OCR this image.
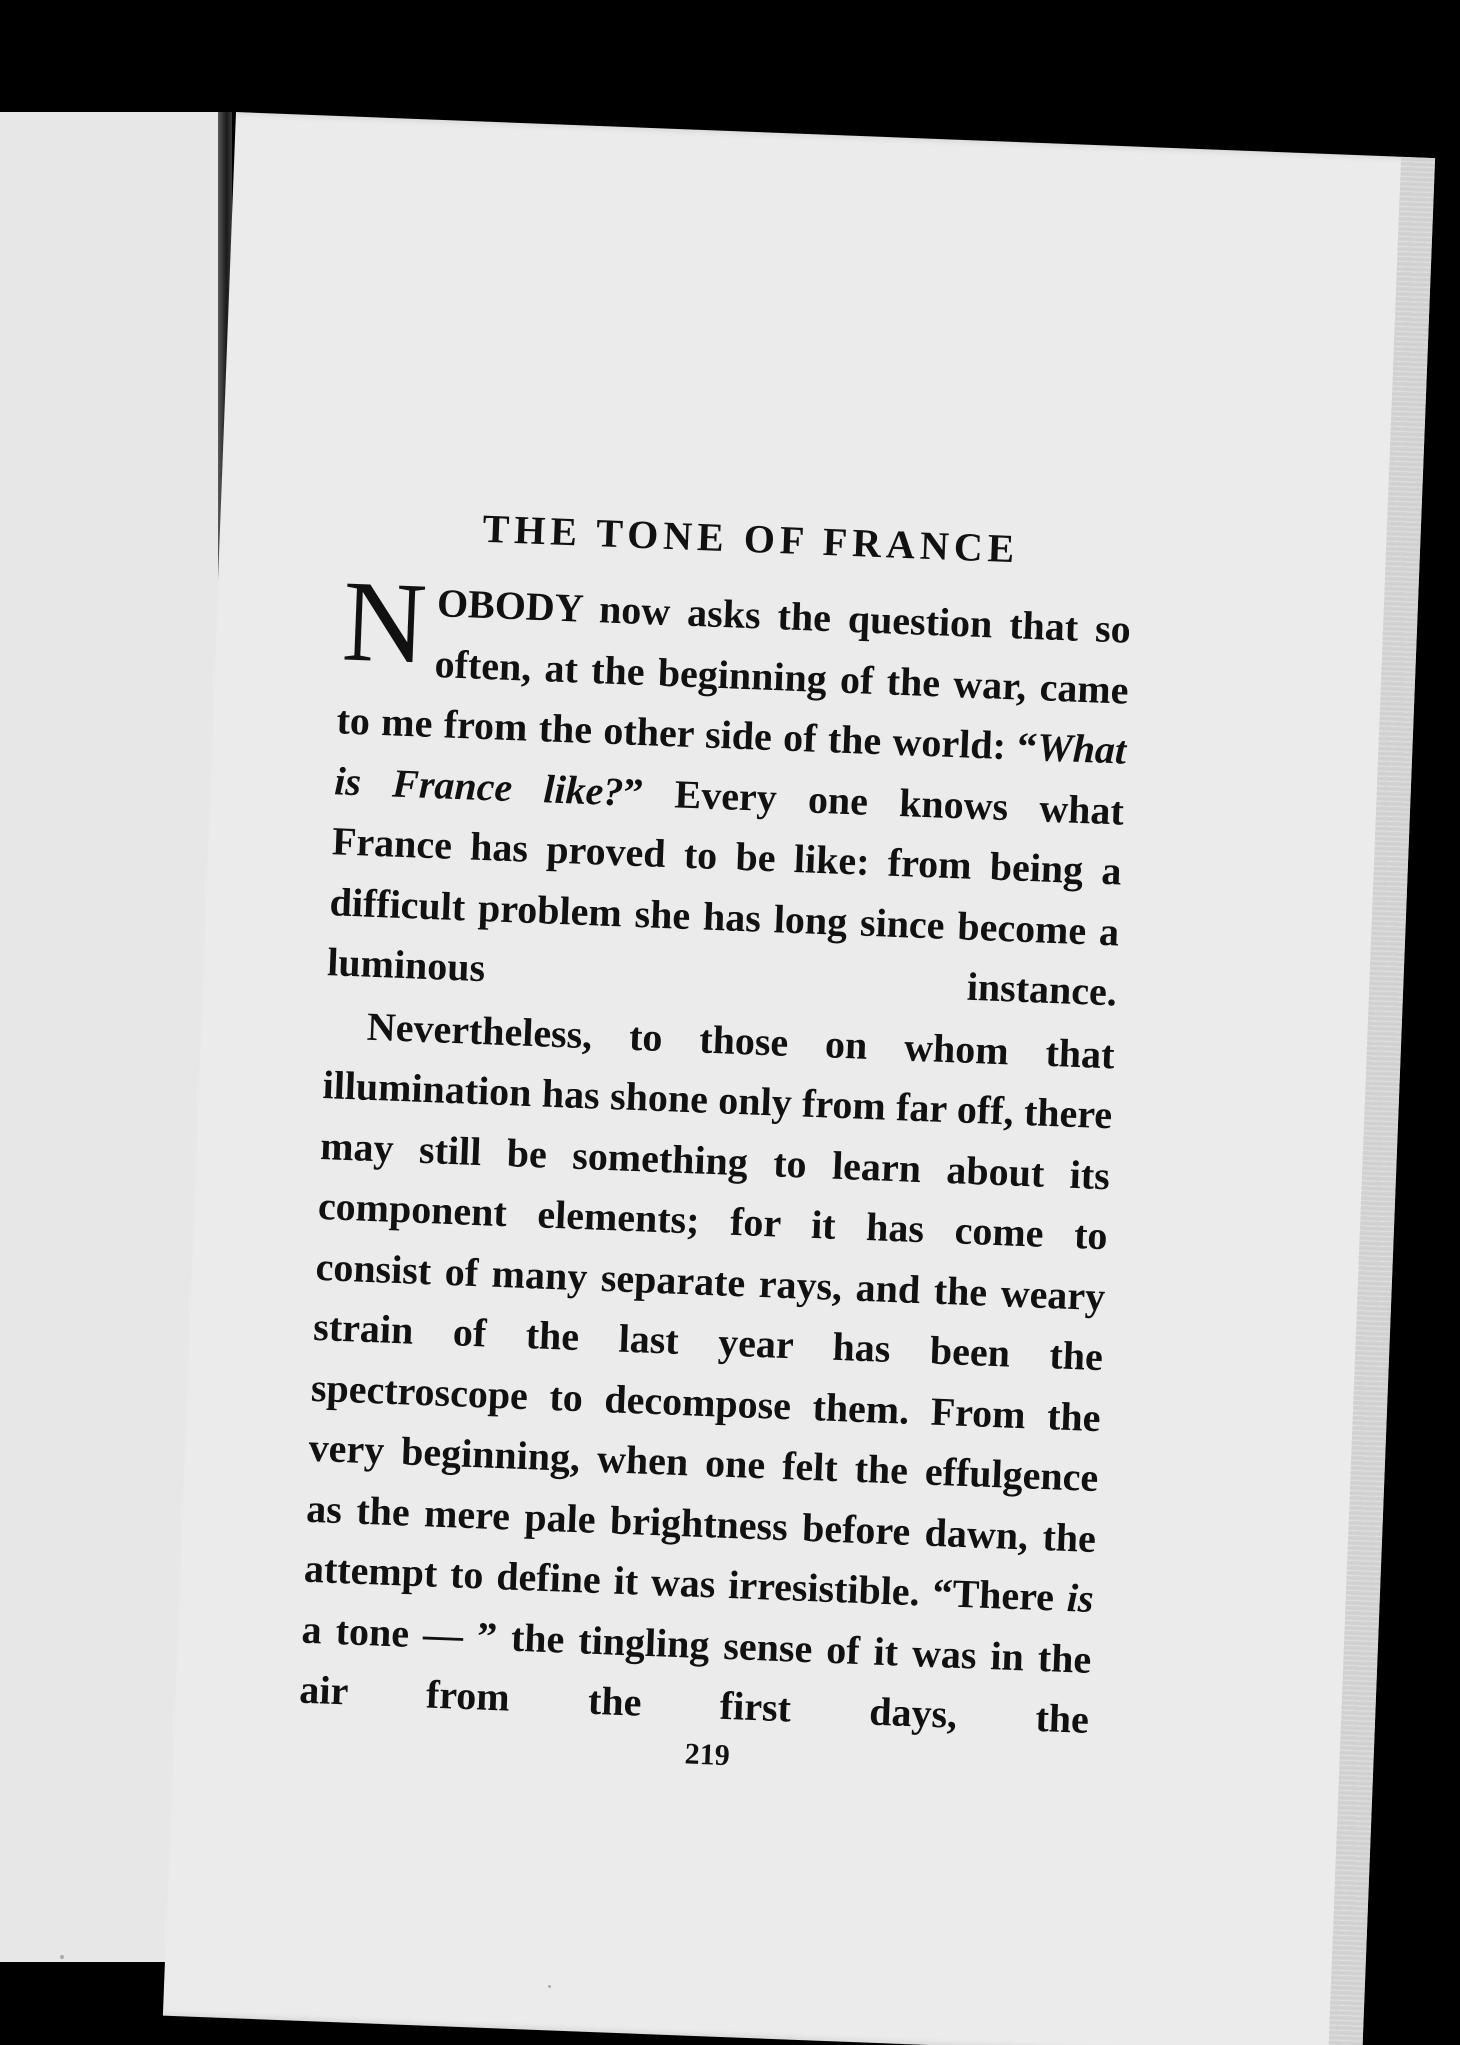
THE TONE OF FRANCE
N OBODY now asks the question that so often, at the beginning of the war, came to me from the other side of the world: “What is France like?” Every one knows what France has proved to be like: from being a difficult problem she has long since become a luminous instance.
Nevertheless, to those on whom that illumination has shone only from far off, there may still be something to learn about its component elements; for it has come to consist of many separate rays, and the weary strain of the last year has been the spectroscope to decompose them. From the very beginning, when one felt the effulgence as the mere pale brightness before dawn, the attempt to define it was irresistible. “There is a tone — ” the tingling sense of it was in the air from the first days, the
219
